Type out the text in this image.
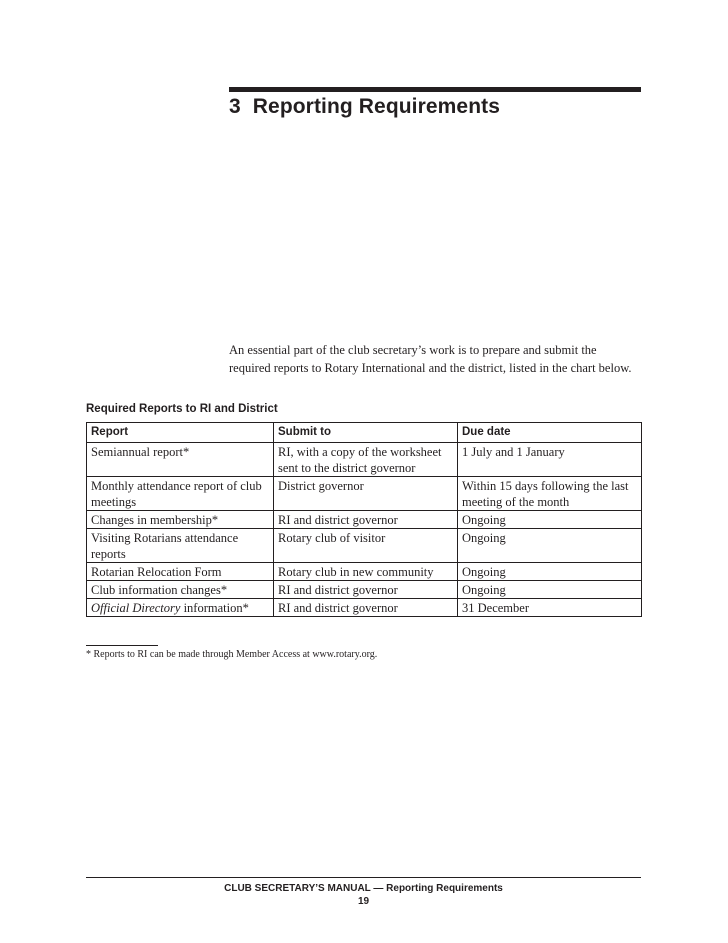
3 Reporting Requirements

An essential part of the club secretary’s work is to prepare and submit the required reports to Rotary International and the district, listed in the chart below.

Required Reports to RI and District
Report	Submit to	Due date
Semiannual report*	RI, with a copy of the worksheet sent to the district governor	1 July and 1 January
Monthly attendance report of club meetings	District governor	Within 15 days following the last meeting of the month
Changes in membership*	RI and district governor	Ongoing
Visiting Rotarians attendance reports	Rotary club of visitor	Ongoing
Rotarian Relocation Form	Rotary club in new community	Ongoing
Club information changes*	RI and district governor	Ongoing
Official Directory information*	RI and district governor	31 December
* Reports to RI can be made through Member Access at www.rotary.org.
CLUB SECRETARY’S MANUAL — Reporting Requirements
19
